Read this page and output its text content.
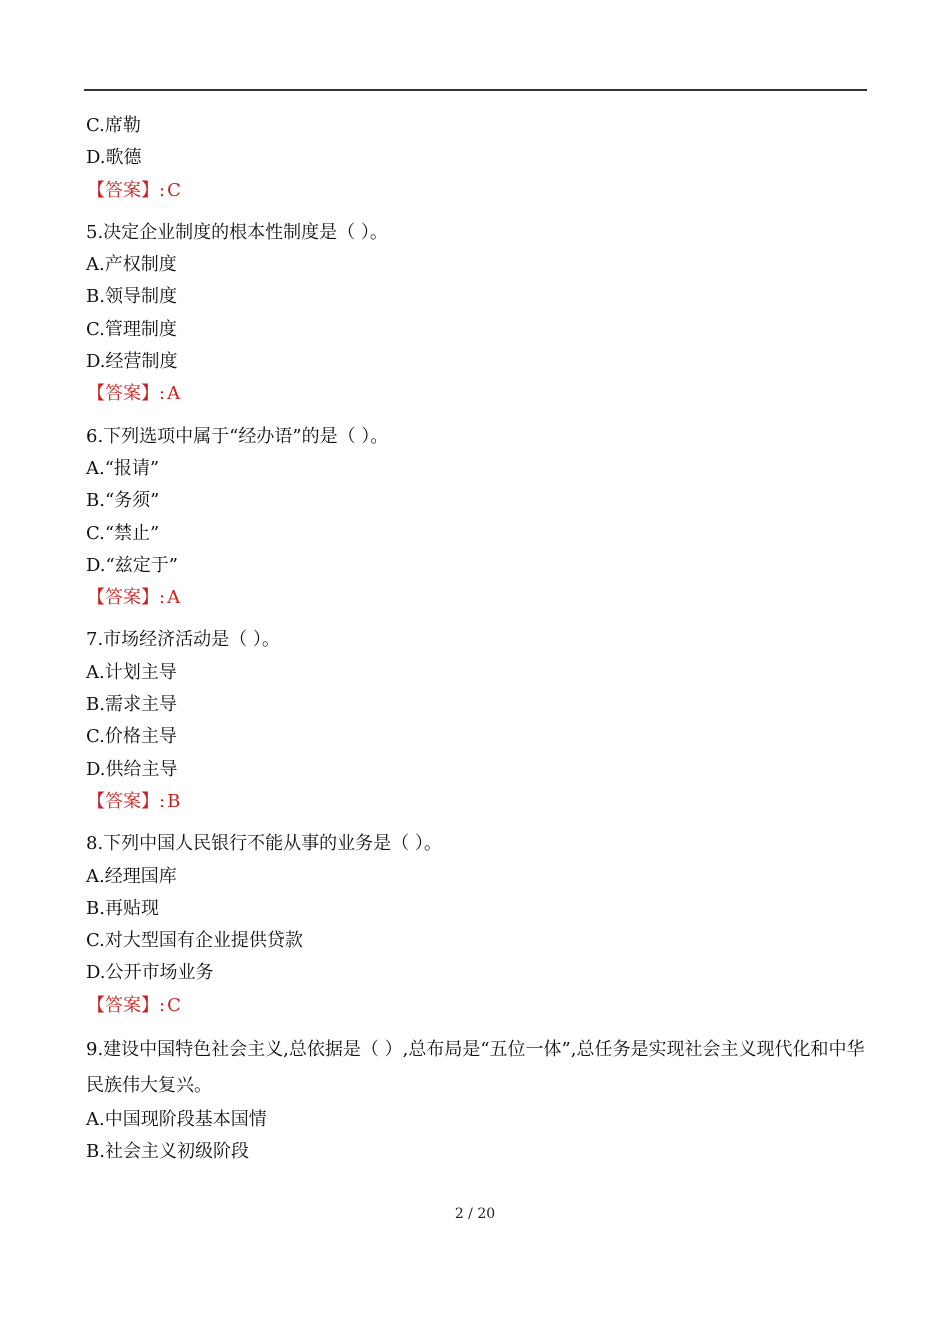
C.席勒
D.歌德
【答案】: C
5.决定企业制度的根本性制度是（ ）。
A.产权制度
B.领导制度
C.管理制度
D.经营制度
【答案】: A
6.下列选项中属于“经办语”的是（ ）。
A.“报请”
B.“务须”
C.“禁止”
D.“兹定于”
【答案】: A
7.市场经济活动是（ ）。
A.计划主导
B.需求主导
C.价格主导
D.供给主导
【答案】: B
8.下列中国人民银行不能从事的业务是（ ）。
A.经理国库
B.再贴现
C.对大型国有企业提供贷款
D.公开市场业务
【答案】: C
9.建设中国特色社会主义,总依据是（ ）,总布局是“五位一体”,总任务是实现社会主义现代化和中华民族伟大复兴。
A.中国现阶段基本国情
B.社会主义初级阶段
2 / 20
